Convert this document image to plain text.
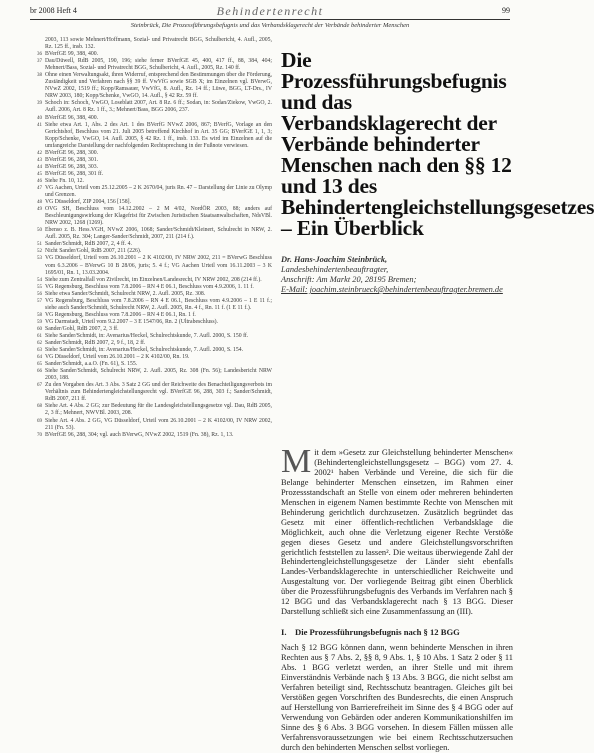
br 2008 Heft 4	Behindertenrecht	99
Steinbrück, Die Prozessführungsbefugnis und das Verbandsklagerecht der Verbände behinderter Menschen
2003, 113 sowie Mehnert/Hoffmann, Sozial- und Privatrecht BGG, Schulbericht, 4. Aufl., 2005, Rz. 125 ff., insb. 132.
36 BVerfGE 99, 388, 400.
37 Dau/Düwell, RdB 2005, 190, 196; siehe ferner BVerfGE 45, 400, 417 ff., 88, 384, 404; Mehnert/Bass, Sozial- und Privatrecht BGG, Schulbericht, 4. Aufl., 2005, Rz. 140 ff.
38 Ohne einen Verwaltungsakt, ihren Widerruf, entsprechend den Bestimmungen über die Förderung, Zuständigkeit und Verfahren nach §§ 39 ff. VwVfG sowie SGB X; im Einzelnen vgl. BVerwG, NVwZ 2002, 1519 ff.; Kopp/Ramsauer, VwVfG, 8. Aufl., Rz. 14 ff.; Lüwe, BGG, LT-Drs., IV NRW 2003, 180; Kopp/Schenke, VwGO, 14. Aufl., § 42 Rz. 59 ff.
39 Schoch in: Schoch, VwGO, Loseblatt 2007, Art. 8 Rz. 6 ff.; Sodan, in: Sodan/Ziekow, VwGO, 2. Aufl. 2006, Art. 8 Rz. 1 ff., 3.; Mehnert/Bass, BGG 2006, 237.
40 BVerfGE 96, 388, 400.
41 Siehe etwa Art. 1, Abs. 2 des Art. 1 des BVerfG NVwZ 2006, 867; BVerfG, Vorlage an den Gerichtshof, Beschluss vom 21. Juli 2005 betreffend Kirchhof in Art. 35 GG; BVerfGE 1, 1, 3; Kopp/Schenke, VwGO, 14. Aufl. 2005, § 42 Rz. 1 ff., insb. 133. Es wird im Einzelnen auf die umfangreiche Darstellung der nachfolgenden Rechtsprechung in der Fußnote verwiesen.
42 BVerfGE 96, 288, 300.
43 BVerfGE 96, 288, 301.
44 BVerfGE 96, 288, 303.
45 BVerfGE 96, 288, 301 ff.
46 Siehe Fn. 10, 12.
47 VG Aachen, Urteil vom 25.12.2005 – 2 K 2670/04, juris Rn. 47 – Darstellung der Linie zu Olymp und Grenzen.
48 VG Düsseldorf, ZIP 2004, 156 [158].
49 OVG SH, Beschluss vom 14.12.2002 – 2 M 4/02, NordÖR 2003, 88; anders auf Beschleunigungswirkung der Klagefrist für Zwischen Juristischen Staatsanwaltschaften, NdsVBl. NRW 2002, 1268 (1269).
50 Ebenso z. B. Hess.VGH, NVwZ 2006, 1068; Sander/Schmidt/Kleinert, Schulrecht in NRW, 2. Aufl. 2005, Rz. 304; Langer-Sander/Schmidt, 2007, 211 (214 f.).
51 Sander/Schmidt, RdB 2007, 2, 4 ff. 4.
52 Nicht Sander/Gohl, RdB 2007, 211 (226).
53 VG Düsseldorf, Urteil vom 26.10.2001 – 2 K 4102/00, IV NRW 2002, 211 = BVerwG Beschluss vom 6.3.2006 – BVerwG 10 B 28/06, juris; 5. 4 f.; VG Aachen Urteil vom 16.11.2003 – 3 K 1695/01, Rn. 1, 13.03.2004.
54 Siehe zum Zentralfall von Zivilrecht, im Einzelnen/Landesrecht, IV NRW 2002, 208 (214 ff.).
55 VG Regensburg, Beschluss vom 7.8.2006 – RN 4 E 06.1, Beschluss vom 4.9.2006, 1. 11 f.
56 Siehe etwa Sander/Schmidt, Schulrecht NRW, 2. Aufl. 2005, Rz. 308.
57 VG Regensburg, Beschluss vom 7.8.2006 – RN 4 E 06.1, Beschluss vom 4.9.2006 – 1 E 11 f.; siehe auch Sander/Schmidt, Schulrecht NRW, 2. Aufl. 2005, Rn. 4 f., Rn. 11 f. (1 E 11 f.).
58 VG Regensburg, Beschluss vom 7.8.2006 – RN 4 E 06.1, Rn. 1 f.
59 VG Darmstadt, Urteil vom 9.2.2007 – 3 E 1547/06, Rn. 2 (Ultrabeschluss).
60 Sander/Gohl, RdB 2007, 2, 3 ff.
61 Siehe Sander/Schmidt, in: Avenarius/Heckel, Schulrechtskunde, 7. Aufl. 2000, S. 150 ff.
62 Sander/Schmidt, RdB 2007, 2, 9 f., 18, 2 ff.
63 Siehe Sander/Schmidt, in: Avenarius/Heckel, Schulrechtskunde, 7. Aufl. 2000, S. 154.
64 VG Düsseldorf, Urteil vom 26.10.2001 – 2 K 4102/00, Rn. 19.
65 Sander/Schmidt, a.a.O. (Fn. 61), S. 155.
66 Siehe Sander/Schmidt, Schulrecht NRW, 2. Aufl. 2005, Rz. 308 (Fn. 56); Landesbericht NRW 2003, 188.
67 Zu den Vorgaben des Art. 3 Abs. 3 Satz 2 GG und der Reichweite des Benachteiligungsverbots im Verhältnis zum Behindertengleichstellungsrecht vgl. BVerfGE 96, 288, 303 f.; Sander/Schmidt, RdB 2007, 211 ff.
68 Siehe Art. 4 Abs. 2 GG; zur Bedeutung für die Landesgleichstellungsgesetze vgl. Dau, RdB 2005, 2, 3 ff.; Mehnert, NWVBl. 2003, 208.
69 Siehe Art. 4 Abs. 2 GG, VG Düsseldorf, Urteil vom 26.10.2001 – 2 K 4102/00, IV NRW 2002, 211 (Fn. 53).
70 BVerfGE 96, 288, 304; vgl. auch BVerwG, NVwZ 2002, 1519 (Fn. 38), Rz. 1, 13.
Die Prozessführungsbefugnis und das Verbandsklagerecht der Verbände behinderter Menschen nach den §§ 12 und 13 des Behindertengleichstellungsgesetzes – Ein Überblick
Dr. Hans-Joachim Steinbrück,
Landesbehindertenbeauftragter,
Anschrift: Am Markt 20, 28195 Bremen;
E-Mail: joachim.steinbrueck@behindertenbeauftragter.bremen.de

Mit dem »Gesetz zur Gleichstellung behinderter Menschen« (Behindertengleichstellungsgesetz – BGG) vom 27. 4. 2002¹ haben Verbände und Vereine, die sich für die Belange behinderter Menschen einsetzen, im Rahmen einer Prozessstandschaft an Stelle von einem oder mehreren behinderten Menschen in eigenem Namen bestimmte Rechte von Menschen mit Behinderung gerichtlich durchzusetzen. Zusätzlich begründet das Gesetz mit einer öffentlich-rechtlichen Verbandsklage die Möglichkeit, auch ohne die Verletzung eigener Rechte Verstöße gegen dieses Gesetz und andere Gleichstellungsvorschriften gerichtlich feststellen zu lassen². Die weitaus überwiegende Zahl der Behindertengleichstellungsgesetze der Länder sieht ebenfalls Landes-Verbandsklagerechte in unterschiedlicher Reichweite und Ausgestaltung vor. Der vorliegende Beitrag gibt einen Überblick über die Prozessführungsbefugnis des Verbands im Verfahren nach § 12 BGG und das Verbandsklagerecht nach § 13 BGG. Dieser Darstellung schließt sich eine Zusammenfassung an (III).

I. Die Prozessführungsbefugnis nach § 12 BGG

Nach § 12 BGG können dann, wenn behinderte Menschen in ihren Rechten aus § 7 Abs. 2, §§ 8, 9 Abs. 1, § 10 Abs. 1 Satz 2 oder § 11 Abs. 1 BGG verletzt werden, an ihrer Stelle und mit ihrem Einverständnis Verbände nach § 13 Abs. 3 BGG, die nicht selbst am Verfahren beteiligt sind, Rechtsschutz beantragen. Gleiches gilt bei Verstößen gegen Vorschriften des Bundesrechts, die einen Anspruch auf Herstellung von Barrierefreiheit im Sinne des § 4 BGG oder auf Verwendung von Gebärden oder anderen Kommunikationshilfen im Sinne des § 6 Abs. 3 BGG vorsehen. In diesem Fällen müssen alle Verfahrensvoraussetzungen wie bei einem Rechtsschutzersuchen durch den behinderten Menschen selbst vorliegen.
